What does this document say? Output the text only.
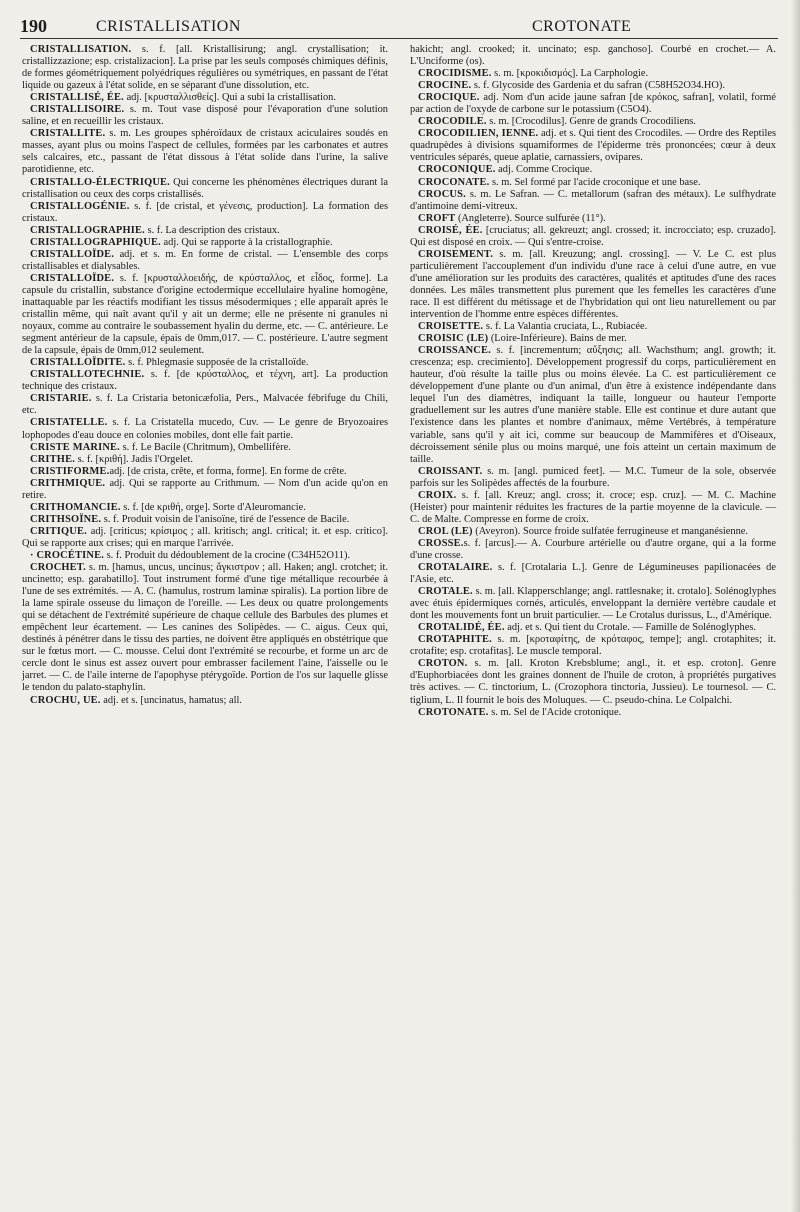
190	CRISTALLISATION	CROTONATE

CRISTALLISATION. s. f. [all. Kristallisirung; angl. crystallisation; it. cristallizzazione; esp. cristalizacion]. La prise par les seuls composés chimiques définis, de formes géométriquement polyédriques régulières ou symétriques, en passant de l'état liquide ou gazeux à l'état solide, en se séparant d'une dissolution, etc.

CRISTALLISÉ, ÉE. adj. [κρυσταλλισθείς]. Qui a subi la cristallisation.

CRISTALLISOIRE. s. m. Tout vase disposé pour l'évaporation d'une solution saline, et en recueillir les cristaux.

CRISTALLITE. s. m. Les groupes sphéroïdaux de cristaux aciculaires soudés en masses, ayant plus ou moins l'aspect de cellules, formées par les carbonates et autres sels calcaires, etc., passant de l'état dissous à l'état solide dans l'urine, la salive parotidienne, etc.

CRISTALLO-ÉLECTRIQUE. Qui concerne les phénomènes électriques durant la cristallisation ou ceux des corps cristallisés.

CRISTALLOGÉNIE. s. f. [de cristal, et γένεσις, production]. La formation des cristaux.

CRISTALLOGRAPHIE. s. f. La description des cristaux.

CRISTALLOGRAPHIQUE. adj. Qui se rapporte à la cristallographie.

CRISTALLOÏDE. adj. et s. m. En forme de cristal. — L'ensemble des corps cristallisables et dialysables.

CRISTALLOÏDE. s. f. [κρυσταλλοειδής, de κρύσταλλος, et εἶδος, forme]. La capsule du cristallin, substance d'origine ectodermique eccellulaire hyaline homogène, inattaquable par les réactifs modifiant les tissus mésodermiques ; elle apparaît après le cristallin même, qui naît avant qu'il y ait un derme; elle ne présente ni granules ni noyaux, comme au contraire le soubassement hyalin du derme, etc. — C. antérieure. Le segment antérieur de la capsule, épais de 0mm,017. — C. postérieure. L'autre segment de la capsule, épais de 0mm,012 seulement.

CRISTALLOÏDITE. s. f. Phlegmasie supposée de la cristalloïde.

CRISTALLOTECHNIE. s. f. [de κρύσταλλος, et τέχνη, art]. La production technique des cristaux.

CRISTARIE. s. f. La Cristaria betonicæfolia, Pers., Malvacée fébrifuge du Chili, etc.

CRISTATELLE. s. f. La Cristatella mucedo, Cuv. — Le genre de Bryozoaires lophopodes d'eau douce en colonies mobiles, dont elle fait partie.

CRISTE MARINE. s. f. Le Bacile (Chritmum), Ombellifère.

CRITHE. s. f. [κριθή]. Jadis l'Orgelet.

CRISTIFORME.adj. [de crista, crête, et forma, forme]. En forme de crête.

CRITHMIQUE. adj. Qui se rapporte au Crithmum. — Nom d'un acide qu'on en retire.

CRITHOMANCIE. s. f. [de κριθή, orge]. Sorte d'Aleuromancie.

CRITHSOÏNE. s. f. Produit voisin de l'anisoïne, tiré de l'essence de Bacile.

CRITIQUE. adj. [criticus; κρίσιμος ; all. kritisch; angl. critical; it. et esp. critico]. Qui se rapporte aux crises; qui en marque l'arrivée.

· CROCÉTINE. s. f. Produit du dédoublement de la crocine (C34H52O11).

CROCHET. s. m. [hamus, uncus, uncinus; ἄγκιστρον ; all. Haken; angl. crotchet; it. uncinetto; esp. garabatillo]. Tout instrument formé d'une tige métallique recourbée à l'une de ses extrémités. — A. C. (hamulus, rostrum laminæ spiralis). La portion libre de la lame spirale osseuse du limaçon de l'oreille. — Les deux ou quatre prolongements qui se détachent de l'extrémité supérieure de chaque cellule des Barbules des plumes et empêchent leur écartement. — Les canines des Solipèdes. — C. aigus. Ceux qui, destinés à pénétrer dans le tissu des parties, ne doivent être appliqués en obstétrique que sur le fœtus mort. — C. mousse. Celui dont l'extrémité se recourbe, et forme un arc de cercle dont le sinus est assez ouvert pour embrasser facilement l'aine, l'aisselle ou le jarret. — C. de l'aile interne de l'apophyse ptérygoïde. Portion de l'os sur laquelle glisse le tendon du palato-staphylin.

CROCHU, UE. adj. et s. [uncinatus, hamatus; all.

hakicht; angl. crooked; it. uncinato; esp. ganchoso]. Courbé en crochet.— A. L'Unciforme (os).

CROCIDISME. s. m. [κροκιδισμός]. La Carphologie.

CROCINE. s. f. Glycoside des Gardenia et du safran (C58H52O34.HO).

CROCIQUE. adj. Nom d'un acide jaune safran [de κρόκος, safran], volatil, formé par action de l'oxyde de carbone sur le potassium (C5O4).

CROCODILE. s. m. [Crocodilus]. Genre de grands Crocodiliens.

CROCODILIEN, IENNE. adj. et s. Qui tient des Crocodiles. — Ordre des Reptiles quadrupèdes à divisions squamiformes de l'épiderme très prononcées; cœur à deux ventricules séparés, queue aplatie, carnassiers, ovipares.

CROCONIQUE. adj. Comme Crocique.

CROCONATE. s. m. Sel formé par l'acide croconique et une base.

CROCUS. s. m. Le Safran. — C. metallorum (safran des métaux). Le sulfhydrate d'antimoine demi-vitreux.

CROFT (Angleterre). Source sulfurée (11°).

CROISÉ, ÉE. [cruciatus; all. gekreuzt; angl. crossed; it. incrocciato; esp. cruzado]. Qui est disposé en croix. — Qui s'entre-croise.

CROISEMENT. s. m. [all. Kreuzung; angl. crossing]. — V. Le C. est plus particulièrement l'accouplement d'un individu d'une race à celui d'une autre, en vue d'une amélioration sur les produits des caractères, qualités et aptitudes d'une des races données. Les mâles transmettent plus purement que les femelles les caractères d'une race. Il est différent du métissage et de l'hybridation qui ont lieu naturellement ou par intervention de l'homme entre espèces différentes.

CROISETTE. s. f. La Valantia cruciata, L., Rubiacée.

CROISIC (LE) (Loire-Inférieure). Bains de mer.

CROISSANCE. s. f. [incrementum; αὔξησις; all. Wachsthum; angl. growth; it. crescenza; esp. crecimiento]. Développement progressif du corps, particulièrement en hauteur, d'où résulte la taille plus ou moins élevée. La C. est particulièrement ce développement d'une plante ou d'un animal, d'un être à existence indépendante dans lequel l'un des diamètres, indiquant la taille, longueur ou hauteur l'emporte graduellement sur les autres d'une manière stable. Elle est continue et dure autant que l'existence dans les plantes et nombre d'animaux, même Vertébrés, à température variable, sans qu'il y ait ici, comme sur beaucoup de Mammifères et d'Oiseaux, décroissement sénile plus ou moins marqué, une fois atteint un certain maximum de taille.

CROISSANT. s. m. [angl. pumiced feet]. — M.C. Tumeur de la sole, observée parfois sur les Solipèdes affectés de la fourbure.

CROIX. s. f. [all. Kreuz; angl. cross; it. croce; esp. cruz]. — M. C. Machine (Heister) pour maintenir réduites les fractures de la partie moyenne de la clavicule. — C. de Malte. Compresse en forme de croix.

CROL (LE) (Aveyron). Source froide sulfatée ferrugineuse et manganésienne.

CROSSE.s. f. [arcus].— A. Courbure artérielle ou d'autre organe, qui a la forme d'une crosse.

CROTALAIRE. s. f. [Crotalaria L.]. Genre de Légumineuses papilionacées de l'Asie, etc.

CROTALE. s. m. [all. Klapperschlange; angl. rattlesnake; it. crotalo]. Solénoglyphes avec étuis épidermiques cornés, articulés, enveloppant la dernière vertèbre caudale et dont les mouvements font un bruit particulier. — Le Crotalus durissus, L., d'Amérique.

CROTALIDÉ, ÉE. adj. et s. Qui tient du Crotale. — Famille de Solénoglyphes.

CROTAPHITE. s. m. [κροταφίτης, de κρόταφος, tempe]; angl. crotaphites; it. crotafite; esp. crotafitas]. Le muscle temporal.

CROTON. s. m. [all. Kroton Krebsblume; angl., it. et esp. croton]. Genre d'Euphorbiacées dont les graines donnent de l'huile de croton, à propriétés purgatives très actives. — C. tinctorium, L. (Crozophora tinctoria, Jussieu). Le tournesol. — C. tiglium, L. Il fournit le bois des Moluques. — C. pseudo-china. Le Colpalchi.

CROTONATE. s. m. Sel de l'Acide crotonique.
